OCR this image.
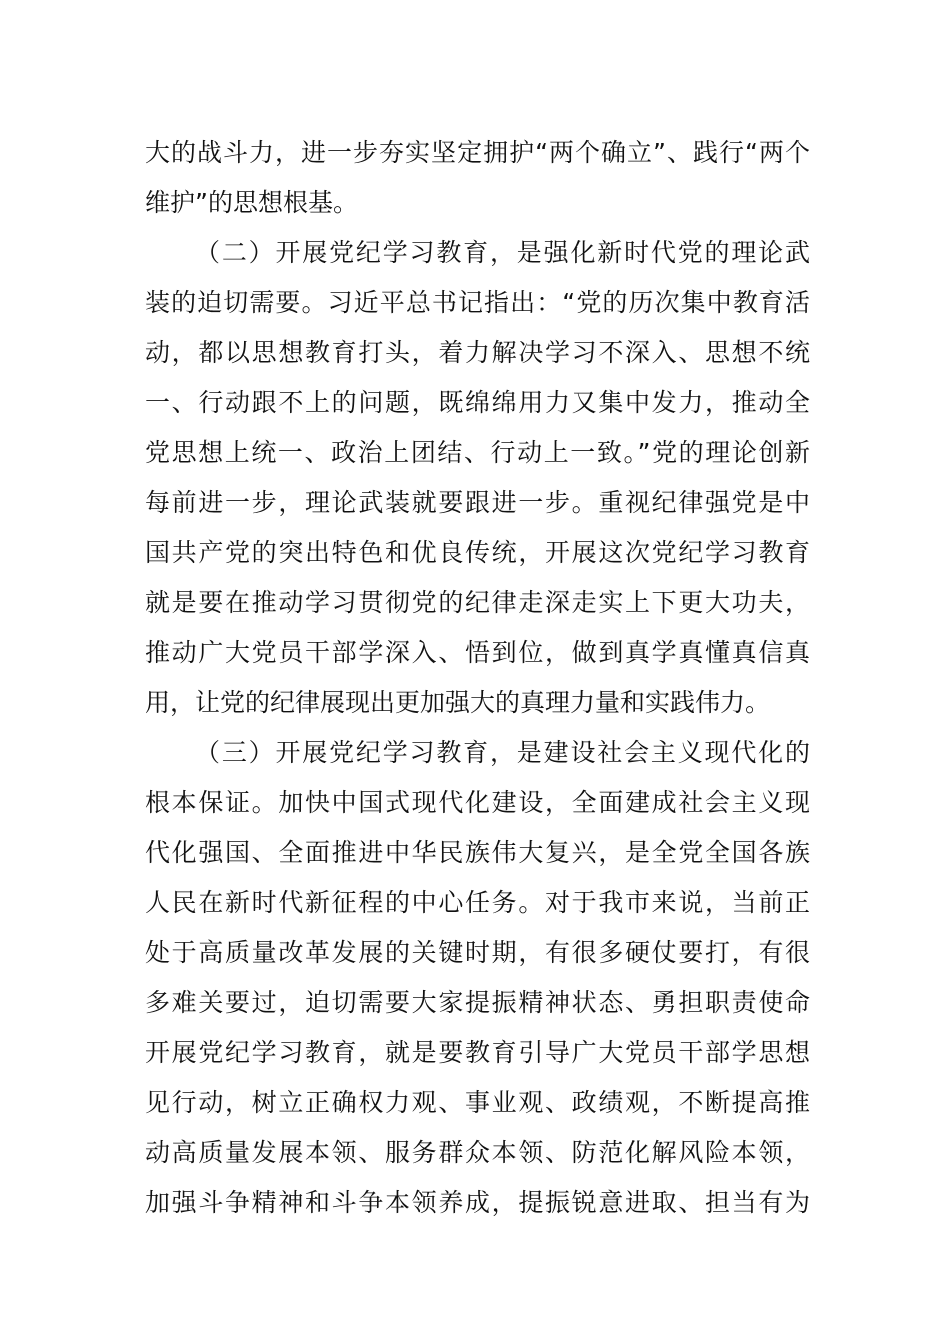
大的战斗力，进一步夯实坚定拥护“两个确立”、践行“两个
维护”的思想根基。
（二）开展党纪学习教育，是强化新时代党的理论武
装的迫切需要。习近平总书记指出：“党的历次集中教育活
动，都以思想教育打头，着力解决学习不深入、思想不统
一、行动跟不上的问题，既绵绵用力又集中发力，推动全
党思想上统一、政治上团结、行动上一致。”党的理论创新
每前进一步，理论武装就要跟进一步。重视纪律强党是中
国共产党的突出特色和优良传统，开展这次党纪学习教育
就是要在推动学习贯彻党的纪律走深走实上下更大功夫，
推动广大党员干部学深入、悟到位，做到真学真懂真信真
用，让党的纪律展现出更加强大的真理力量和实践伟力。
（三）开展党纪学习教育，是建设社会主义现代化的
根本保证。加快中国式现代化建设，全面建成社会主义现
代化强国、全面推进中华民族伟大复兴，是全党全国各族
人民在新时代新征程的中心任务。对于我市来说，当前正
处于高质量改革发展的关键时期，有很多硬仗要打，有很
多难关要过，迫切需要大家提振精神状态、勇担职责使命
开展党纪学习教育，就是要教育引导广大党员干部学思想
见行动，树立正确权力观、事业观、政绩观，不断提高推
动高质量发展本领、服务群众本领、防范化解风险本领，
加强斗争精神和斗争本领养成，提振锐意进取、担当有为
